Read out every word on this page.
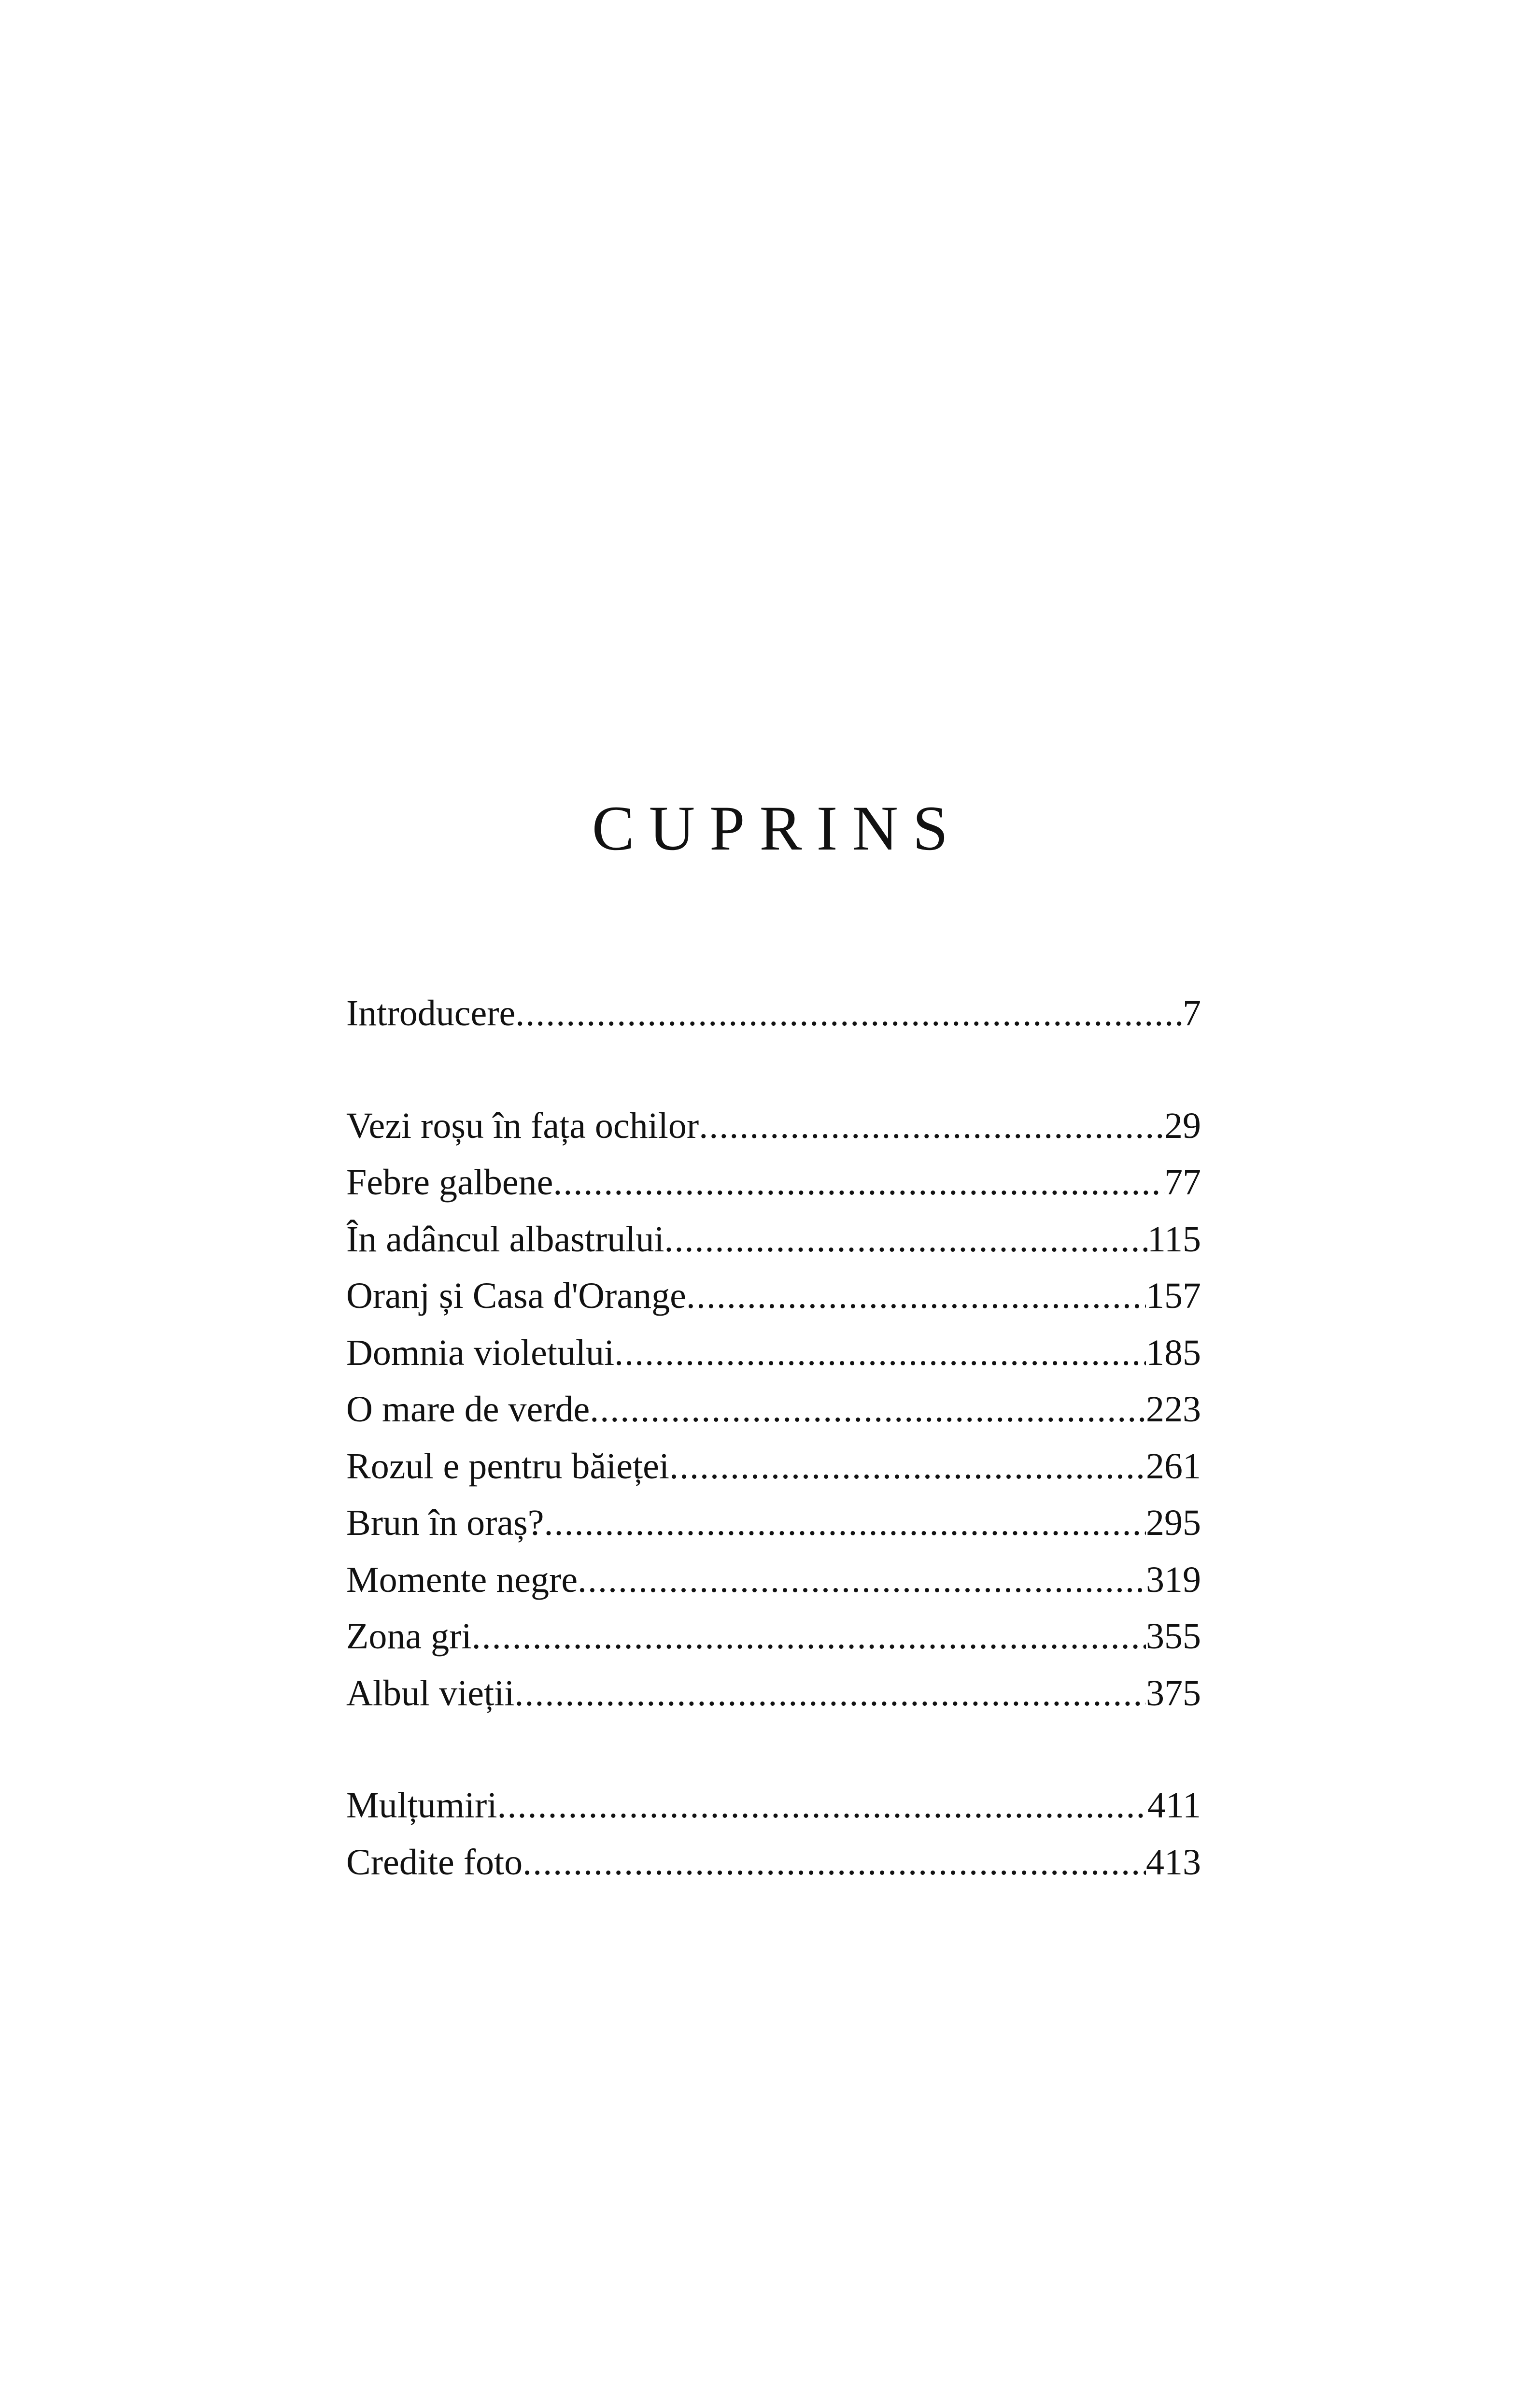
CUPRINS
Introducere .....	7
Vezi roșu în fața ochilor .....	29
Febre galbene .....	77
În adâncul albastrului .....	115
Oranj și Casa d'Orange .....	157
Domnia violetului .....	185
O mare de verde .....	223
Rozul e pentru băieței .....	261
Brun în oraș? .....	295
Momente negre .....	319
Zona gri .....	355
Albul vieții .....	375
Mulțumiri .....	411
Credite foto .....	413
